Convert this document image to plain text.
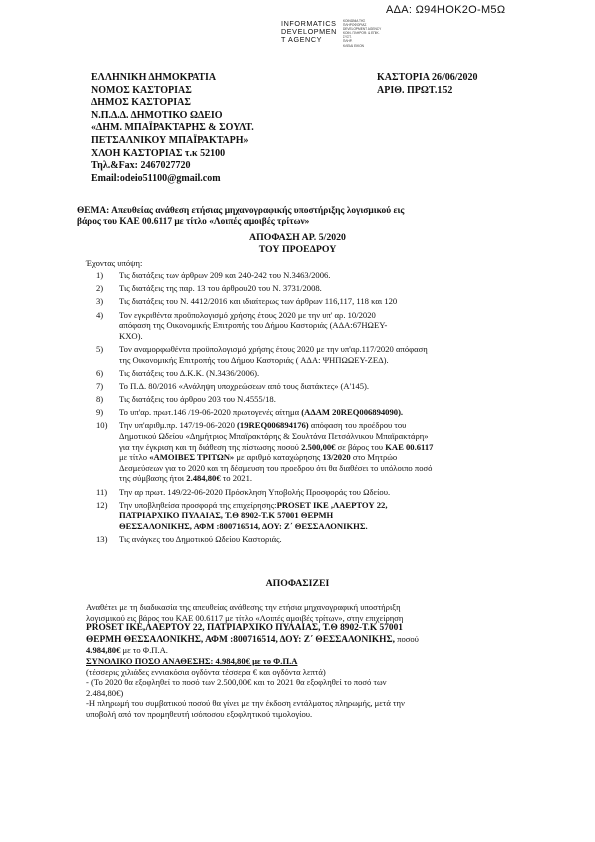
ΑΔΑ: Ω94ΗΟΚ2Ο-Μ5Ω
INFORMATICS
DEVELOPMEN
T AGENCY
ΚΟΙΝΩΝΙΑ ΤΗΣ
ΠΛΗΡΟΦΟΡΙΑΣ
DEVELOPMENT AGENCY
ΚΟΙΝ. ΠΛΗΡΟΦ. & ΕΠΙΚ.
ΣΥΣΤ.
ΠΛΗΡ.
ΚΛΕΙΔΙ ΕΙΚΟΝ
ΕΛΛΗΝΙΚΗ ΔΗΜΟΚΡΑΤΙΑ
ΝΟΜΟΣ ΚΑΣΤΟΡΙΑΣ
ΔΗΜΟΣ ΚΑΣΤΟΡΙΑΣ
Ν.Π.Δ.Δ. ΔΗΜΟΤΙΚΟ ΩΔΕΙΟ
«ΔΗΜ. ΜΠΑΪΡΑΚΤΑΡΗΣ & ΣΟΥΛΤ.
ΠΕΤΣΑΛΝΙΚΟΥ ΜΠΑΪΡΑΚΤΑΡΗ»
ΧΛΟΗ ΚΑΣΤΟΡΙΑΣ τ.κ 52100
Τηλ.&Fax: 2467027720
Email:odeio51100@gmail.com
ΚΑΣΤΟΡΙΑ 26/06/2020
ΑΡΙΘ. ΠΡΩΤ.152
ΘΕΜΑ: Απευθείας ανάθεση ετήσιας μηχανογραφικής υποστήριξης λογισμικού εις
βάρος του ΚΑΕ 00.6117 με τίτλο «Λοιπές αμοιβές τρίτων»
ΑΠΟΦΑΣΗ ΑΡ. 5/2020
ΤΟΥ ΠΡΟΕΔΡΟΥ
Έχοντας υπόψη:
1) Τις διατάξεις των άρθρων 209 και 240-242 του Ν.3463/2006.
2) Τις διατάξεις της παρ. 13 του άρθρου20 του Ν. 3731/2008.
3) Τις διατάξεις του Ν. 4412/2016 και ιδιαίτερως των άρθρων 116,117, 118 και 120
4) Τον εγκριθέντα προϋπολογισμό χρήσης έτους 2020 με την υπ' αρ. 10/2020
απόφαση της Οικονομικής Επιτροπής του Δήμου Καστοριάς (ΑΔΑ:67ΗΩΕΥ-
ΚΧΟ).
5) Τον αναμορφωθέντα προϋπολογισμό χρήσης έτους 2020 με την υπ'αρ.117/2020 απόφαση
της Οικονομικής Επιτροπής του Δήμου Καστοριάς ( ΑΔΑ: ΨΗΠΩΩΕΥ-ΖΕΔ).
6) Τις διατάξεις του Δ.Κ.Κ. (Ν.3436/2006).
7) Το Π.Δ. 80/2016 «Ανάληψη υποχρεώσεων από τους διατάκτες» (Α'145).
8) Τις διατάξεις του άρθρου 203 του Ν.4555/18.
9) Το υπ'αρ. πρωτ.146 /19-06-2020 πρωτογενές αίτημα (ΑΔΑΜ 20REQ006894090).
10) Την υπ'αριθμ.πρ. 147/19-06-2020 (19REQ006894176) απόφαση του προέδρου του
Δημοτικού Ωδείου «Δημήτριος Μπαϊρακτάρης & Σουλτάνα Πετσάλνικου Μπαϊρακτάρη»
για την έγκριση και τη διάθεση της πίστωσης ποσού 2.500,00€ σε βάρος του ΚΑΕ 00.6117
με τίτλο «ΑΜΟΙΒΕΣ ΤΡΙΤΩΝ» με αριθμό καταχώρησης 13/2020 στο Μητρώο
Δεσμεύσεων για το 2020 και τη δέσμευση του προεδρου ότι θα διαθέσει το υπόλοιπο ποσό
της σύμβασης ήτοι 2.484,80€ το 2021.
11) Την αρ πρωτ. 149/22-06-2020 Πρόσκληση Υποβολής Προσφοράς του Ωδείου.
12) Την υποβληθείσα προσφορά της επιχείρησης:PROSET ΙΚΕ ,ΛΑΕΡΤΟΥ 22,
ΠΑΤΡΙΑΡΧΙΚΟ ΠΥΛΑΙΑΣ, Τ.Θ 8902-Τ.Κ 57001 ΘΕΡΜΗ
ΘΕΣΣΑΛΟΝΙΚΗΣ, ΑΦΜ :800716514, ΔΟΥ: Ζ΄ ΘΕΣΣΑΛΟΝΙΚΗΣ.
13) Τις ανάγκες του Δημοτικού Ωδείου Καστοριάς.
ΑΠΟΦΑΣΙΖΕΙ
Αναθέτει με τη διαδικασία της απευθείας ανάθεσης την ετήσια μηχανογραφική υποστήριξη
λογισμικού εις βάρος του ΚΑΕ 00.6117 με τίτλο «Λοιπές αμοιβές τρίτων», στην επιχείρηση
PROSET ΙΚΕ,ΛΑΕΡΤΟΥ 22, ΠΑΤΡΙΑΡΧΙΚΟ ΠΥΛΑΙΑΣ, Τ.Θ 8902-Τ.Κ 57001
ΘΕΡΜΗ ΘΕΣΣΑΛΟΝΙΚΗΣ, ΑΦΜ :800716514, ΔΟΥ: Ζ΄ ΘΕΣΣΑΛΟΝΙΚΗΣ, ποσού
4.984,80€ με το Φ.Π.Α.
ΣΥΝΟΛΙΚΟ ΠΟΣΟ ΑΝΑΘΕΣΗΣ: 4.984,80€ με το Φ.Π.Α
(τέσσερις χιλιάδες εννιακόσια ογδόντα τέσσερα € και ογδόντα λεπτά)
- (Το 2020 θα εξοφληθεί το ποσό των 2.500,00€ και το 2021 θα εξοφληθεί το ποσό των
2.484,80€)
-Η πληρωμή του συμβατικού ποσού θα γίνει με την έκδοση εντάλματος πληρωμής, μετά την
υποβολή από τον προμηθευτή ισόποσου εξοφλητικού τιμολογίου.
